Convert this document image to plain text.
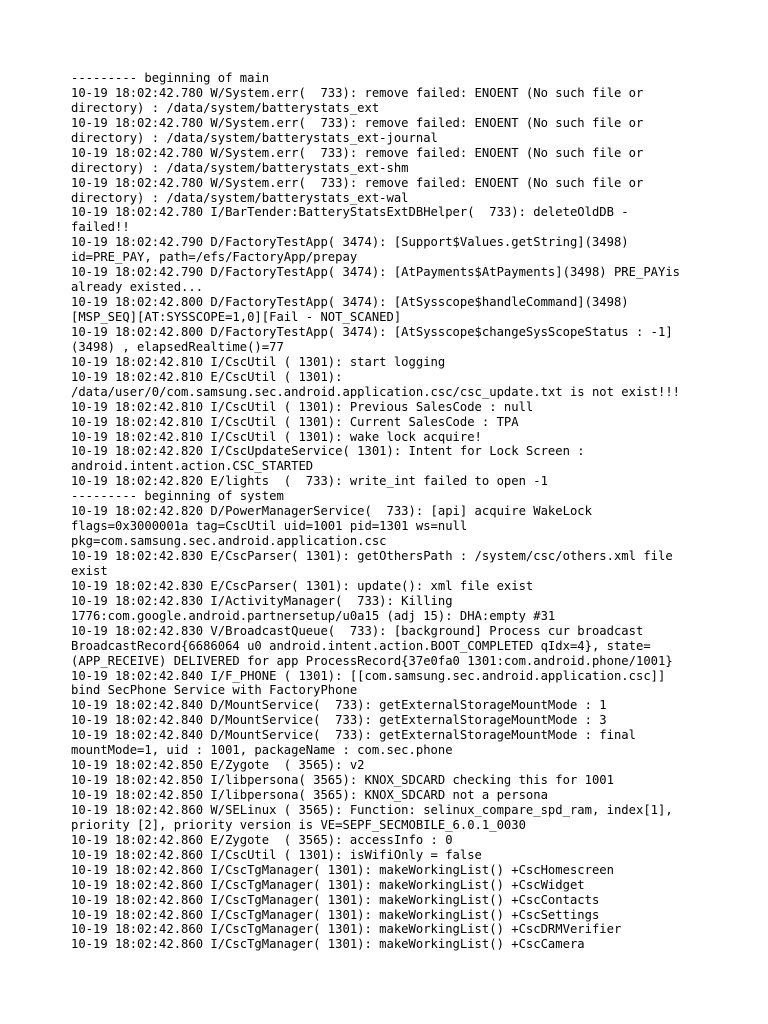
--------- beginning of main
10-19 18:02:42.780 W/System.err(  733): remove failed: ENOENT (No such file or
directory) : /data/system/batterystats_ext
10-19 18:02:42.780 W/System.err(  733): remove failed: ENOENT (No such file or
directory) : /data/system/batterystats_ext-journal
10-19 18:02:42.780 W/System.err(  733): remove failed: ENOENT (No such file or
directory) : /data/system/batterystats_ext-shm
10-19 18:02:42.780 W/System.err(  733): remove failed: ENOENT (No such file or
directory) : /data/system/batterystats_ext-wal
10-19 18:02:42.780 I/BarTender:BatteryStatsExtDBHelper(  733): deleteOldDB -
failed!!
10-19 18:02:42.790 D/FactoryTestApp( 3474): [Support$Values.getString](3498)
id=PRE_PAY, path=/efs/FactoryApp/prepay
10-19 18:02:42.790 D/FactoryTestApp( 3474): [AtPayments$AtPayments](3498) PRE_PAYis
already existed...
10-19 18:02:42.800 D/FactoryTestApp( 3474): [AtSysscope$handleCommand](3498)
[MSP_SEQ][AT:SYSSCOPE=1,0][Fail - NOT_SCANED]
10-19 18:02:42.800 D/FactoryTestApp( 3474): [AtSysscope$changeSysScopeStatus : -1]
(3498) , elapsedRealtime()=77
10-19 18:02:42.810 I/CscUtil ( 1301): start logging
10-19 18:02:42.810 E/CscUtil ( 1301):
/data/user/0/com.samsung.sec.android.application.csc/csc_update.txt is not exist!!!
10-19 18:02:42.810 I/CscUtil ( 1301): Previous SalesCode : null
10-19 18:02:42.810 I/CscUtil ( 1301): Current SalesCode : TPA
10-19 18:02:42.810 I/CscUtil ( 1301): wake lock acquire!
10-19 18:02:42.820 I/CscUpdateService( 1301): Intent for Lock Screen :
android.intent.action.CSC_STARTED
10-19 18:02:42.820 E/lights  (  733): write_int failed to open -1
--------- beginning of system
10-19 18:02:42.820 D/PowerManagerService(  733): [api] acquire WakeLock
flags=0x3000001a tag=CscUtil uid=1001 pid=1301 ws=null
pkg=com.samsung.sec.android.application.csc
10-19 18:02:42.830 E/CscParser( 1301): getOthersPath : /system/csc/others.xml file
exist
10-19 18:02:42.830 E/CscParser( 1301): update(): xml file exist
10-19 18:02:42.830 I/ActivityManager(  733): Killing
1776:com.google.android.partnersetup/u0a15 (adj 15): DHA:empty #31
10-19 18:02:42.830 V/BroadcastQueue(  733): [background] Process cur broadcast
BroadcastRecord{6686064 u0 android.intent.action.BOOT_COMPLETED qIdx=4}, state=
(APP_RECEIVE) DELIVERED for app ProcessRecord{37e0fa0 1301:com.android.phone/1001}
10-19 18:02:42.840 I/F_PHONE ( 1301): [[com.samsung.sec.android.application.csc]]
bind SecPhone Service with FactoryPhone
10-19 18:02:42.840 D/MountService(  733): getExternalStorageMountMode : 1
10-19 18:02:42.840 D/MountService(  733): getExternalStorageMountMode : 3
10-19 18:02:42.840 D/MountService(  733): getExternalStorageMountMode : final
mountMode=1, uid : 1001, packageName : com.sec.phone
10-19 18:02:42.850 E/Zygote  ( 3565): v2
10-19 18:02:42.850 I/libpersona( 3565): KNOX_SDCARD checking this for 1001
10-19 18:02:42.850 I/libpersona( 3565): KNOX_SDCARD not a persona
10-19 18:02:42.860 W/SELinux ( 3565): Function: selinux_compare_spd_ram, index[1],
priority [2], priority version is VE=SEPF_SECMOBILE_6.0.1_0030
10-19 18:02:42.860 E/Zygote  ( 3565): accessInfo : 0
10-19 18:02:42.860 I/CscUtil ( 1301): isWifiOnly = false
10-19 18:02:42.860 I/CscTgManager( 1301): makeWorkingList() +CscHomescreen
10-19 18:02:42.860 I/CscTgManager( 1301): makeWorkingList() +CscWidget
10-19 18:02:42.860 I/CscTgManager( 1301): makeWorkingList() +CscContacts
10-19 18:02:42.860 I/CscTgManager( 1301): makeWorkingList() +CscSettings
10-19 18:02:42.860 I/CscTgManager( 1301): makeWorkingList() +CscDRMVerifier
10-19 18:02:42.860 I/CscTgManager( 1301): makeWorkingList() +CscCamera
